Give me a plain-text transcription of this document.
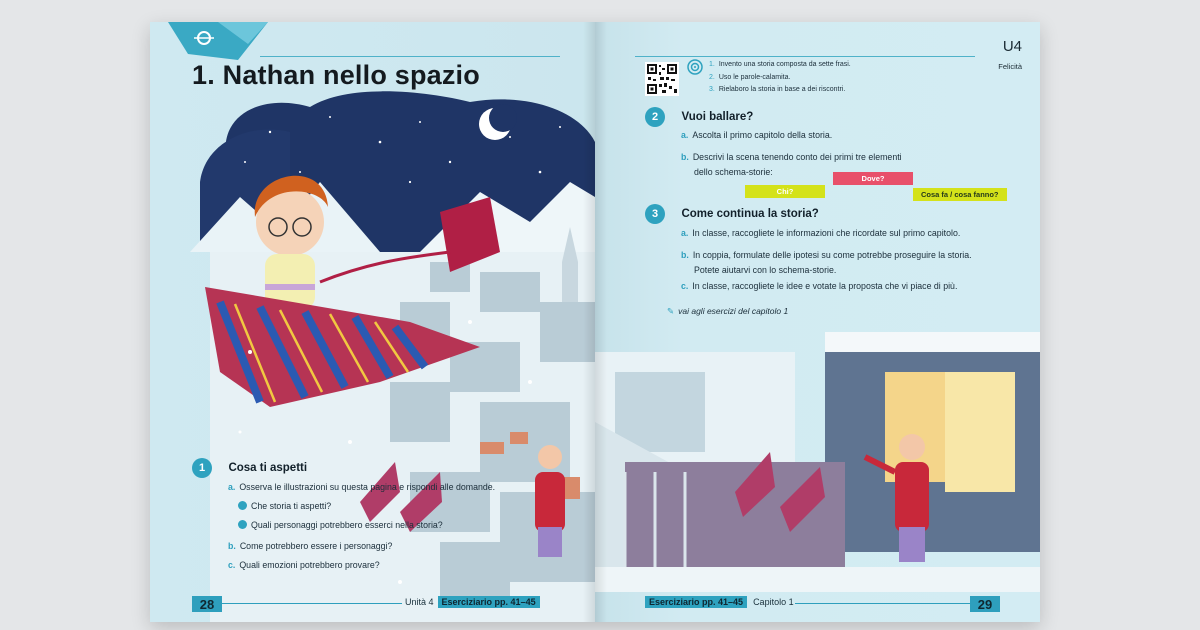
1. Nathan nello spazio
1 Cosa ti aspetti
a. Osserva le illustrazioni su questa pagina e rispondi alle domande.
Che storia ti aspetti?
Quali personaggi potrebbero esserci nella storia?
b. Come potrebbero essere i personaggi?
c. Quali emozioni potrebbero provare?
28	Unità 4 Eserciziario pp. 41–45
U4
Felicità
1. Invento una storia composta da sette frasi.
2. Uso le parole-calamita.
3. Rielaboro la storia in base a dei riscontri.
2 Vuoi ballare?
a. Ascolta il primo capitolo della storia.
b. Descrivi la scena tenendo conto dei primi tre elementi
dello schema-storie:
Chi?
Dove?
Cosa fa / cosa fanno?
3 Come continua la storia?
a. In classe, raccogliete le informazioni che ricordate sul primo capitolo.
b. In coppia, formulate delle ipotesi su come potrebbe proseguire la storia.
Potete aiutarvi con lo schema-storie.
c. In classe, raccogliete le idee e votate la proposta che vi piace di più.
✎ vai agli esercizi del capitolo 1
Eserciziario pp. 41–45 Capitolo 1	29
